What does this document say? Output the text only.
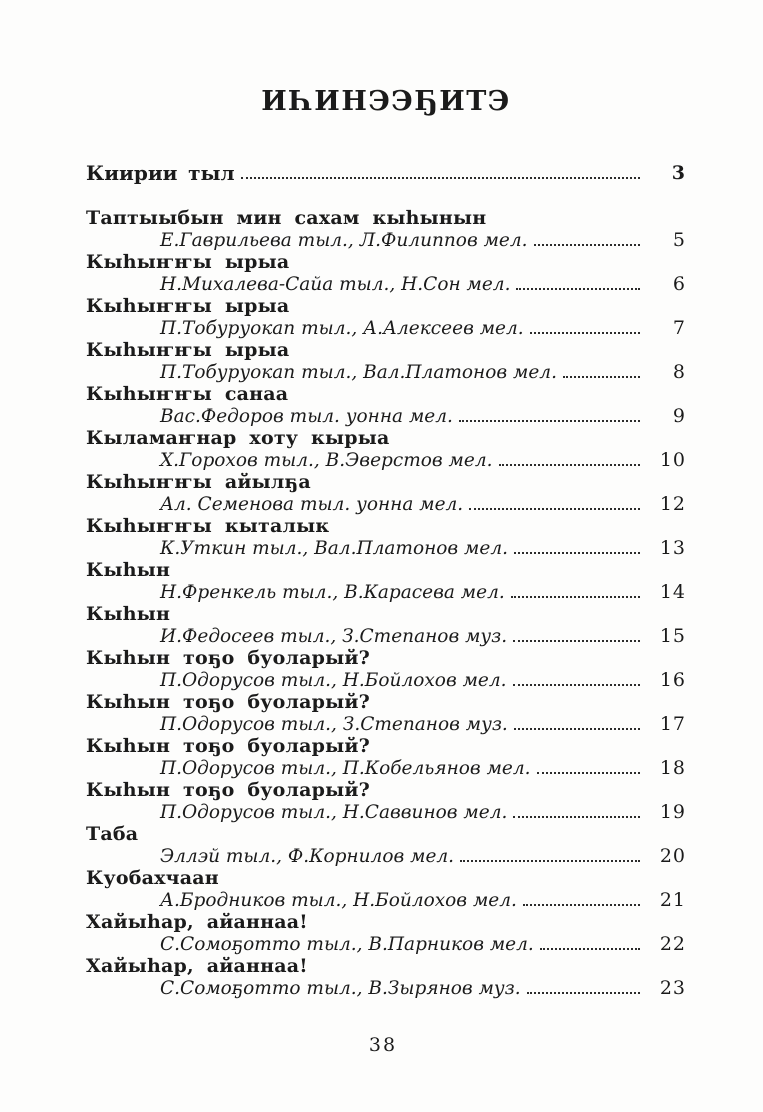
ИҺИНЭЭҔИТЭ
Киирии тыл	3
Таптыыбын мин сахам кыһынын
Е.Гаврильева тыл., Л.Филиппов мел.	5
Кыһыҥҥы ырыа
Н.Михалева-Сайа тыл., Н.Сон мел.	6
Кыһыҥҥы ырыа
П.Тобуруокап тыл., А.Алексеев мел.	7
Кыһыҥҥы ырыа
П.Тобуруокап тыл., Вал.Платонов мел.	8
Кыһыҥҥы санаа
Вас.Федоров тыл. уонна мел.	9
Кыламаҥнар хоту кырыа
Х.Горохов тыл., В.Эверстов мел.	10
Кыһыҥҥы айылҕа
Ал. Семенова тыл. уонна мел.	12
Кыһыҥҥы кыталык
К.Уткин тыл., Вал.Платонов мел.	13
Кыһын
Н.Френкель тыл., В.Карасева мел.	14
Кыһын
И.Федосеев тыл., З.Степанов муз.	15
Кыһын тоҕо буоларый?
П.Одорусов тыл., Н.Бойлохов мел.	16
Кыһын тоҕо буоларый?
П.Одорусов тыл., З.Степанов муз.	17
Кыһын тоҕо буоларый?
П.Одорусов тыл., П.Кобельянов мел.	18
Кыһын тоҕо буоларый?
П.Одорусов тыл., Н.Саввинов мел.	19
Таба
Эллэй тыл., Ф.Корнилов мел.	20
Куобахчаан
А.Бродников тыл., Н.Бойлохов мел.	21
Хайыһар, айаннаа!
С.Сомоҕотто тыл., В.Парников мел.	22
Хайыһар, айаннаа!
С.Сомоҕотто тыл., В.Зырянов муз.	23
38
